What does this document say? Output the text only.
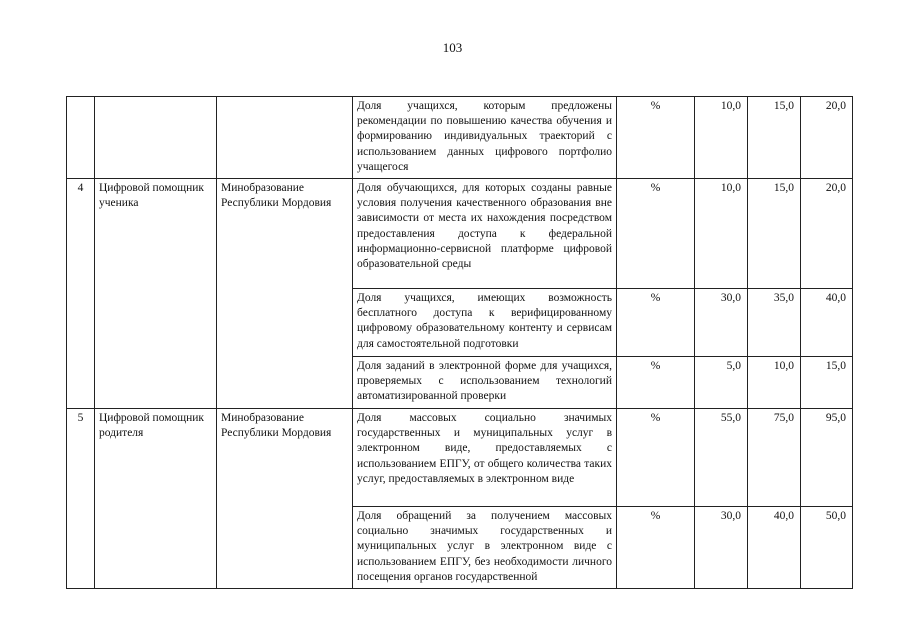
103
			Доля учащихся, которым предложены рекомендации по повышению качества обучения и формированию индивидуальных траекторий с использованием данных цифрового портфолио учащегося	%	10,0	15,0	20,0
4	Цифровой помощник ученика	Минобразование Республики Мордовия	Доля обучающихся, для которых созданы равные условия получения качественного образования вне зависимости от места их нахождения посредством предоставления доступа к федеральной информационно-сервисной платформе цифровой образовательной среды	%	10,0	15,0	20,0
			Доля учащихся, имеющих возможность бесплатного доступа к верифицированному цифровому образовательному контенту и сервисам для самостоятельной подготовки	%	30,0	35,0	40,0
			Доля заданий в электронной форме для учащихся, проверяемых с использованием технологий автоматизированной проверки	%	5,0	10,0	15,0
5	Цифровой помощник родителя	Минобразование Республики Мордовия	Доля массовых социально значимых государственных и муниципальных услуг в электронном виде, предоставляемых с использованием ЕПГУ, от общего количества таких услуг, предоставляемых в электронном виде	%	55,0	75,0	95,0
			Доля обращений за получением массовых социально значимых государственных и муниципальных услуг в электронном виде с использованием ЕПГУ, без необходимости личного посещения органов государственной	%	30,0	40,0	50,0
